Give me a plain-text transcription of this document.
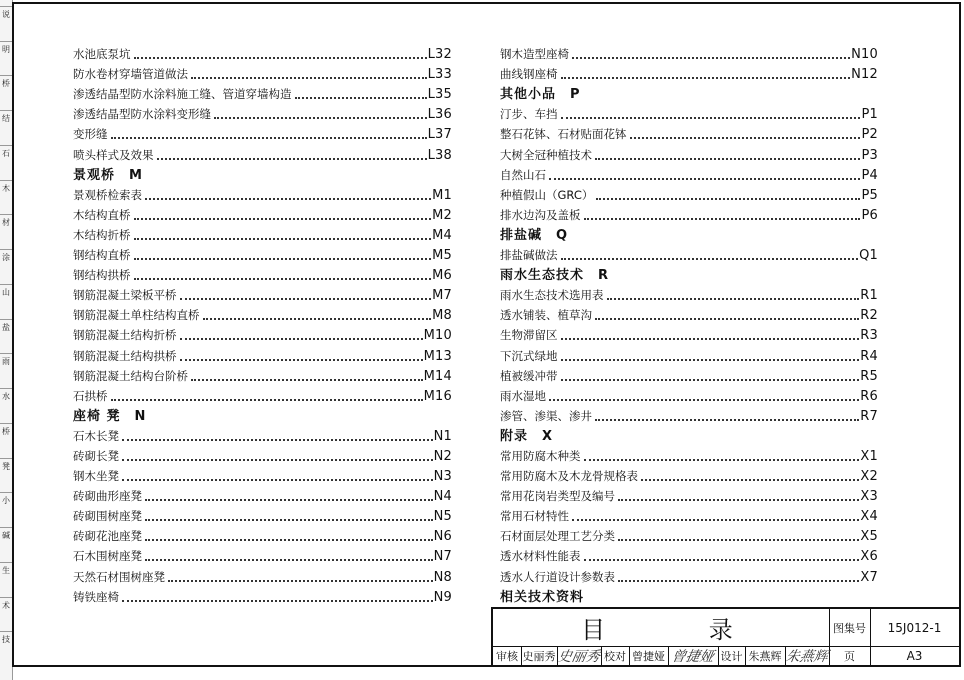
说
明
桥
结
石
木
材
涂
山
盐
雨
水
桥
凳
小
碱
生
术
技
水池底泵坑	L32
防水卷材穿墙管道做法	L33
渗透结晶型防水涂料施工缝、管道穿墙构造	L35
渗透结晶型防水涂料变形缝	L36
变形缝	L37
喷头样式及效果	L38
景观桥 M
景观桥检索表	M1
木结构直桥	M2
木结构折桥	M4
钢结构直桥	M5
钢结构拱桥	M6
钢筋混凝土梁板平桥	M7
钢筋混凝土单柱结构直桥	M8
钢筋混凝土结构折桥	M10
钢筋混凝土结构拱桥	M13
钢筋混凝土结构台阶桥	M14
石拱桥	M16
座椅 凳 N
石木长凳	N1
砖砌长凳	N2
钢木坐凳	N3
砖砌曲形座凳	N4
砖砌围树座凳	N5
砖砌花池座凳	N6
石木围树座凳	N7
天然石材围树座凳	N8
铸铁座椅	N9
钢木造型座椅	N10
曲线钢座椅	N12
其他小品 P
汀步、车挡	P1
整石花钵、石材贴面花钵	P2
大树全冠种植技术	P3
自然山石	P4
种植假山（GRC）	P5
排水边沟及盖板	P6
排盐碱 Q
排盐碱做法	Q1
雨水生态技术 R
雨水生态技术选用表	R1
透水铺装、植草沟	R2
生物滞留区	R3
下沉式绿地	R4
植被缓冲带	R5
雨水湿地	R6
渗管、渗渠、渗井	R7
附录 X
常用防腐木种类	X1
常用防腐木及木龙骨规格表	X2
常用花岗岩类型及编号	X3
常用石材特性	X4
石材面层处理工艺分类	X5
透水材料性能表	X6
透水人行道设计参数表	X7
相关技术资料
目 录	图集号	15J012-1
审核 史丽秀 史丽秀 校对 曾捷娅 曾捷娅 设计 朱燕辉 朱燕辉	页	A3
